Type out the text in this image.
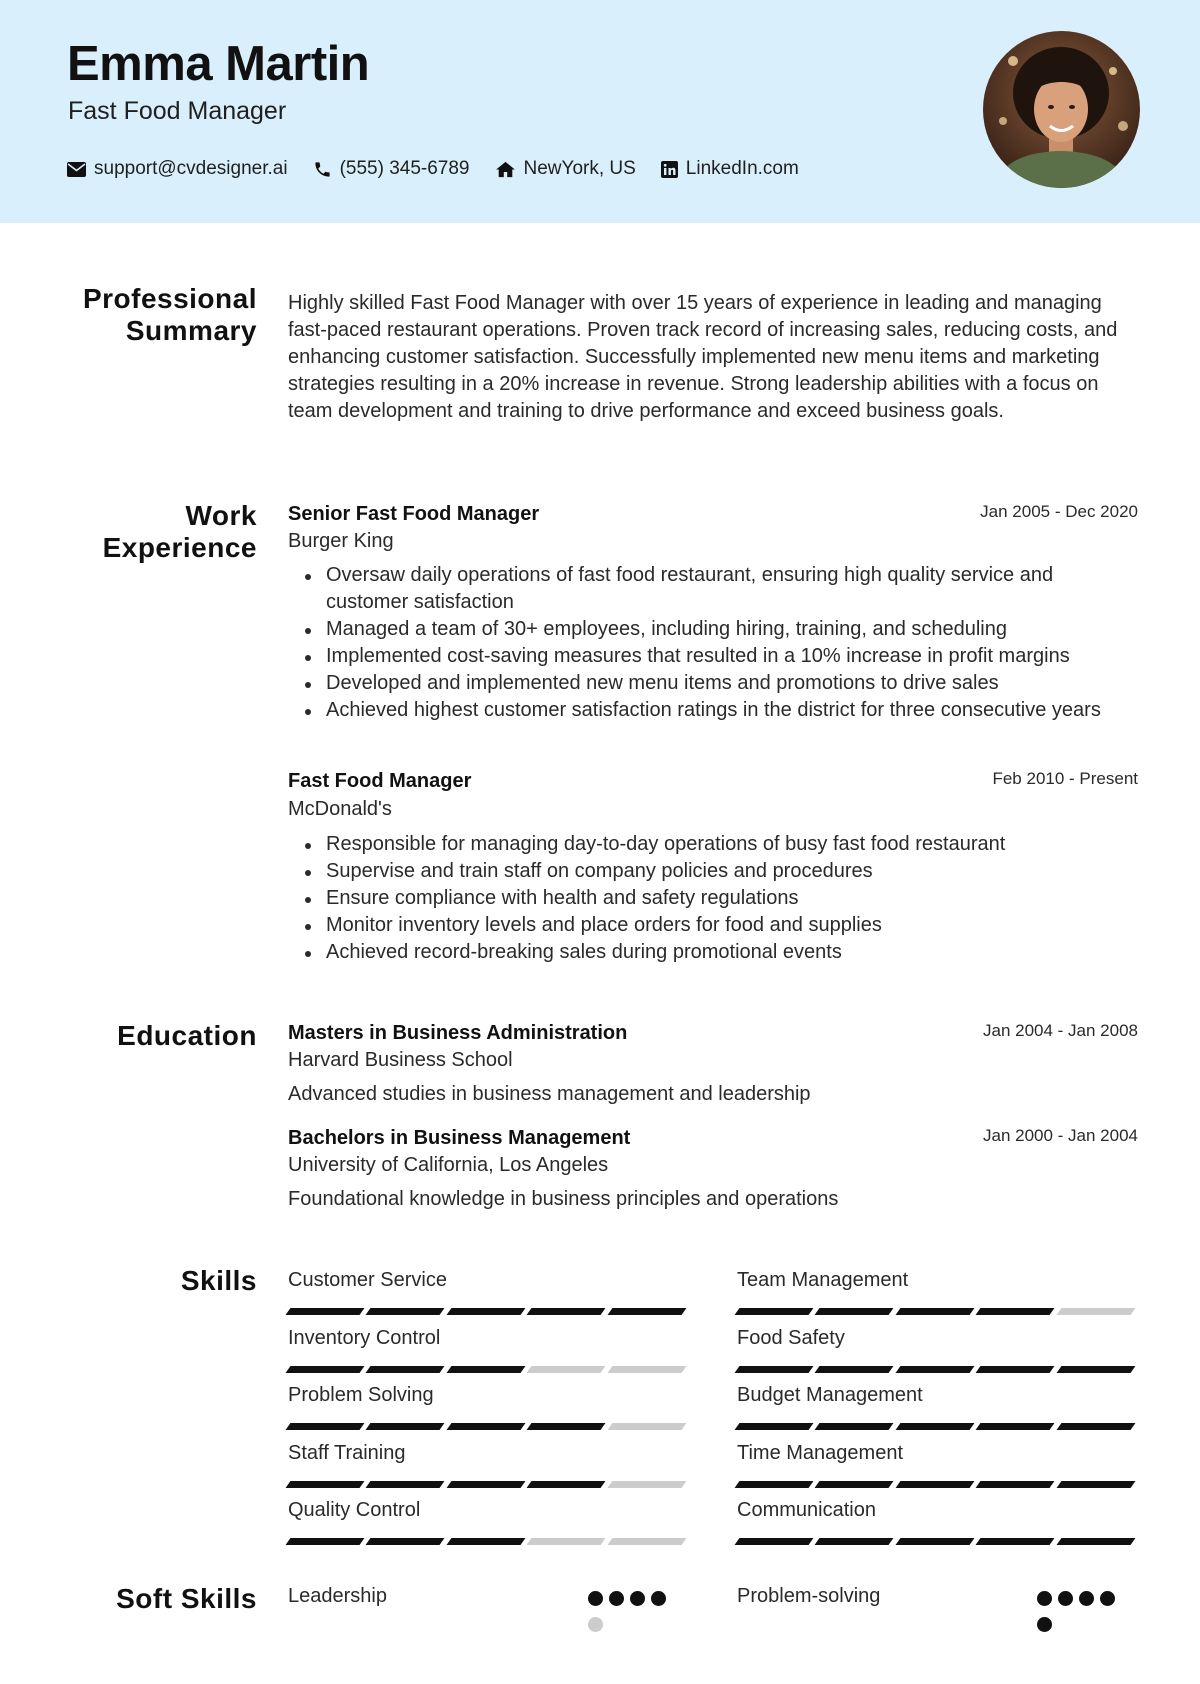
Emma Martin
Fast Food Manager
support@cvdesigner.ai	(555) 345-6789	NewYork, US	LinkedIn.com
Professional
Summary
Highly skilled Fast Food Manager with over 15 years of experience in leading and managing fast-paced restaurant operations. Proven track record of increasing sales, reducing costs, and enhancing customer satisfaction. Successfully implemented new menu items and marketing strategies resulting in a 20% increase in revenue. Strong leadership abilities with a focus on team development and training to drive performance and exceed business goals.
Work
Experience
Senior Fast Food Manager	Jan 2005 - Dec 2020
Burger King
Oversaw daily operations of fast food restaurant, ensuring high quality service and customer satisfaction
Managed a team of 30+ employees, including hiring, training, and scheduling
Implemented cost-saving measures that resulted in a 10% increase in profit margins
Developed and implemented new menu items and promotions to drive sales
Achieved highest customer satisfaction ratings in the district for three consecutive years
Fast Food Manager	Feb 2010 - Present
McDonald's
Responsible for managing day-to-day operations of busy fast food restaurant
Supervise and train staff on company policies and procedures
Ensure compliance with health and safety regulations
Monitor inventory levels and place orders for food and supplies
Achieved record-breaking sales during promotional events
Education Masters in Business Administration	Jan 2004 - Jan 2008
Harvard Business School
Advanced studies in business management and leadership
Bachelors in Business Management	Jan 2000 - Jan 2004
University of California, Los Angeles
Foundational knowledge in business principles and operations
Skills Customer Service	Team Management
Inventory Control	Food Safety
Problem Solving	Budget Management
Staff Training	Time Management
Quality Control	Communication
Soft Skills Leadership	Problem-solving
